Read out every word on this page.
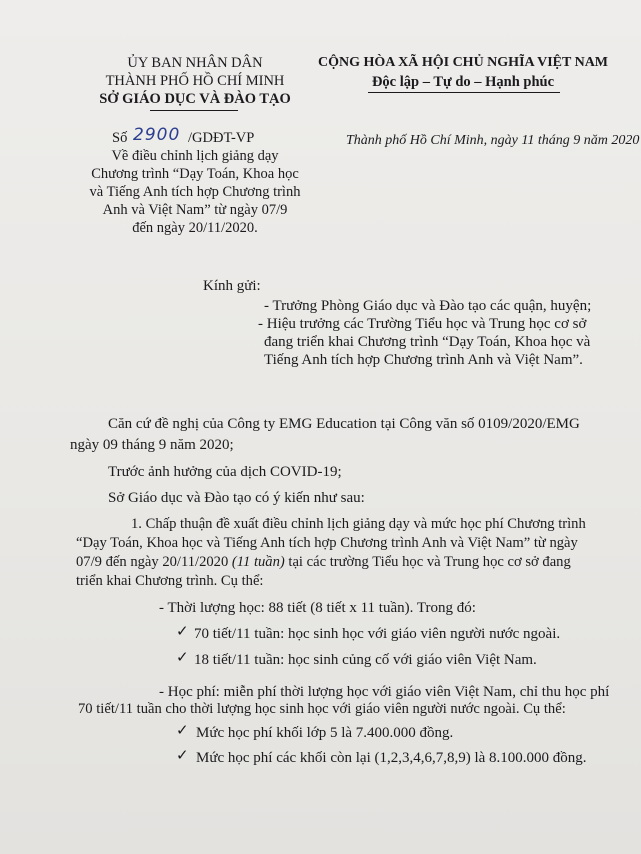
ỦY BAN NHÂN DÂN
THÀNH PHỐ HỒ CHÍ MINH
SỞ GIÁO DỤC VÀ ĐÀO TẠO
CỘNG HÒA XÃ HỘI CHỦ NGHĨA VIỆT NAM
Độc lập – Tự do – Hạnh phúc
Số 2900 /GDĐT-VP	Thành phố Hồ Chí Minh, ngày 11 tháng 9 năm 2020
Về điều chỉnh lịch giảng dạy
Chương trình “Dạy Toán, Khoa học
và Tiếng Anh tích hợp Chương trình
Anh và Việt Nam” từ ngày 07/9
đến ngày 20/11/2020.
Kính gửi:
- Trưởng Phòng Giáo dục và Đào tạo các quận, huyện;
- Hiệu trưởng các Trường Tiểu học và Trung học cơ sở
đang triển khai Chương trình “Dạy Toán, Khoa học và
Tiếng Anh tích hợp Chương trình Anh và Việt Nam”.
Căn cứ đề nghị của Công ty EMG Education tại Công văn số 0109/2020/EMG
ngày 09 tháng 9 năm 2020;
Trước ảnh hưởng của dịch COVID-19;
Sở Giáo dục và Đào tạo có ý kiến như sau:
1. Chấp thuận đề xuất điều chỉnh lịch giảng dạy và mức học phí Chương trình
“Dạy Toán, Khoa học và Tiếng Anh tích hợp Chương trình Anh và Việt Nam” từ ngày
07/9 đến ngày 20/11/2020 (11 tuần) tại các trường Tiểu học và Trung học cơ sở đang
triển khai Chương trình. Cụ thể:
- Thời lượng học: 88 tiết (8 tiết x 11 tuần). Trong đó:
✓ 70 tiết/11 tuần: học sinh học với giáo viên người nước ngoài.
✓ 18 tiết/11 tuần: học sinh củng cố với giáo viên Việt Nam.
- Học phí: miễn phí thời lượng học với giáo viên Việt Nam, chỉ thu học phí
70 tiết/11 tuần cho thời lượng học sinh học với giáo viên người nước ngoài. Cụ thể:
✓ Mức học phí khối lớp 5 là 7.400.000 đồng.
✓ Mức học phí các khối còn lại (1,2,3,4,6,7,8,9) là 8.100.000 đồng.
